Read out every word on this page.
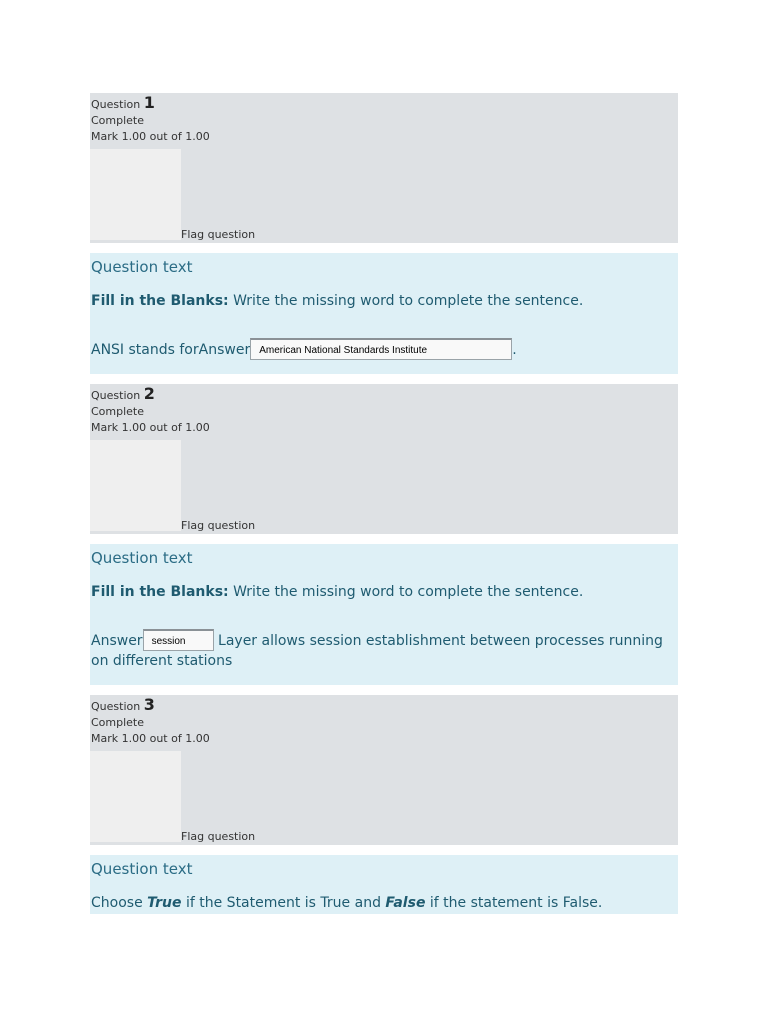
Question 1
Complete
Mark 1.00 out of 1.00
Flag question
Question text
Fill in the Blanks: Write the missing word to complete the sentence.
ANSI stands forAnswer American National Standards Institute	.
Question 2
Complete
Mark 1.00 out of 1.00
Flag question
Question text
Fill in the Blanks: Write the missing word to complete the sentence.
Answer session Layer allows session establishment between processes running on different stations
Question 3
Complete
Mark 1.00 out of 1.00
Flag question
Question text
Choose True if the Statement is True and False if the statement is False.
